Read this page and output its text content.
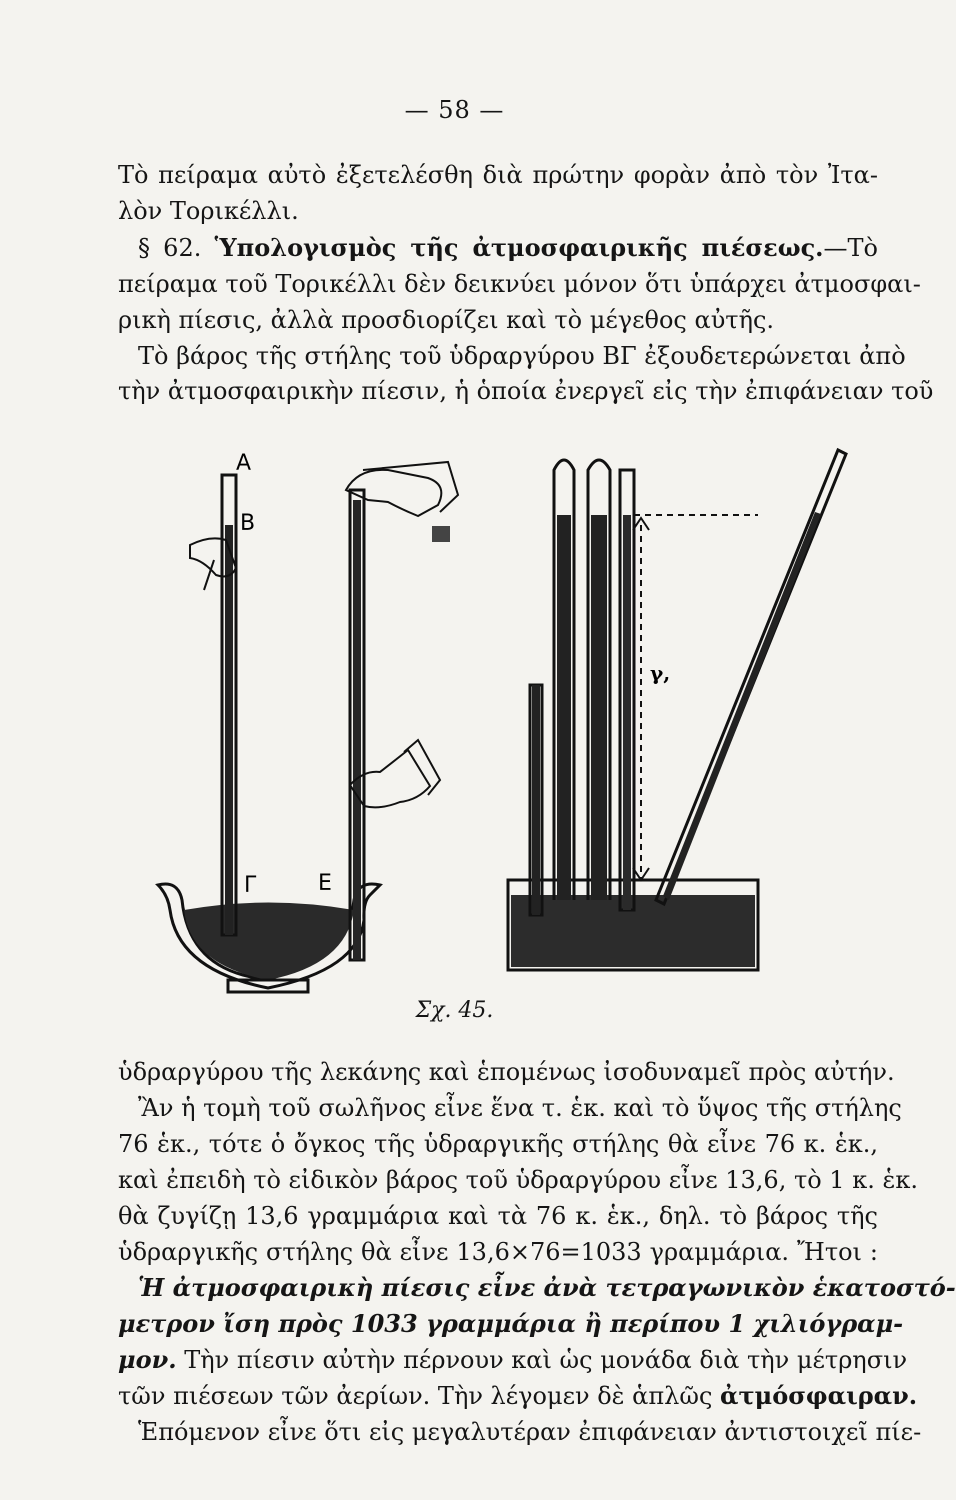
— 58 —
Τὸ πείραμα αὐτὸ ἐξετελέσθη διὰ πρώτην φορὰν ἀπὸ τὸν Ἰτα-
λὸν Τορικέλλι.
§ 62. Ὑπολογισμὸς τῆς ἀτμοσφαιρικῆς πιέσεως.—Τὸ
πείραμα τοῦ Τορικέλλι δὲν δεικνύει μόνον ὅτι ὑπάρχει ἀτμοσφαι-
ρικὴ πίεσις, ἀλλὰ προσδιορίζει καὶ τὸ μέγεθος αὐτῆς.
Τὸ βάρος τῆς στήλης τοῦ ὑδραργύρου ΒΓ ἐξουδετερώνεται ἀπὸ
τὴν ἀτμοσφαιρικὴν πίεσιν, ἡ ὁποία ἐνεργεῖ εἰς τὴν ἐπιφάνειαν τοῦ
Α
Β
Γ	Ε
γ,
Σχ. 45.
ὑδραργύρου τῆς λεκάνης καὶ ἑπομένως ἰσοδυναμεῖ πρὸς αὐτήν.
Ἂν ἡ τομὴ τοῦ σωλῆνος εἶνε ἕνα τ. ἑκ. καὶ τὸ ὕψος τῆς στήλης
76 ἑκ., τότε ὁ ὄγκος τῆς ὑδραργικῆς στήλης θὰ εἶνε 76 κ. ἑκ.,
καὶ ἐπειδὴ τὸ εἰδικὸν βάρος τοῦ ὑδραργύρου εἶνε 13,6, τὸ 1 κ. ἑκ.
θὰ ζυγίζῃ 13,6 γραμμάρια καὶ τὰ 76 κ. ἑκ., δηλ. τὸ βάρος τῆς
ὑδραργικῆς στήλης θὰ εἶνε 13,6×76=1033 γραμμάρια. Ἤτοι :
Ἡ ἀτμοσφαιρικὴ πίεσις εἶνε ἀνὰ τετραγωνικὸν ἑκατοστό-
μετρον ἴση πρὸς 1033 γραμμάρια ἢ περίπου 1 χιλιόγραμ-
μον. Τὴν πίεσιν αὐτὴν πέρνουν καὶ ὡς μονάδα διὰ τὴν μέτρησιν
τῶν πιέσεων τῶν ἀερίων. Τὴν λέγομεν δὲ ἁπλῶς ἀτμόσφαιραν.
Ἑπόμενον εἶνε ὅτι εἰς μεγαλυτέραν ἐπιφάνειαν ἀντιστοιχεῖ πίε-
